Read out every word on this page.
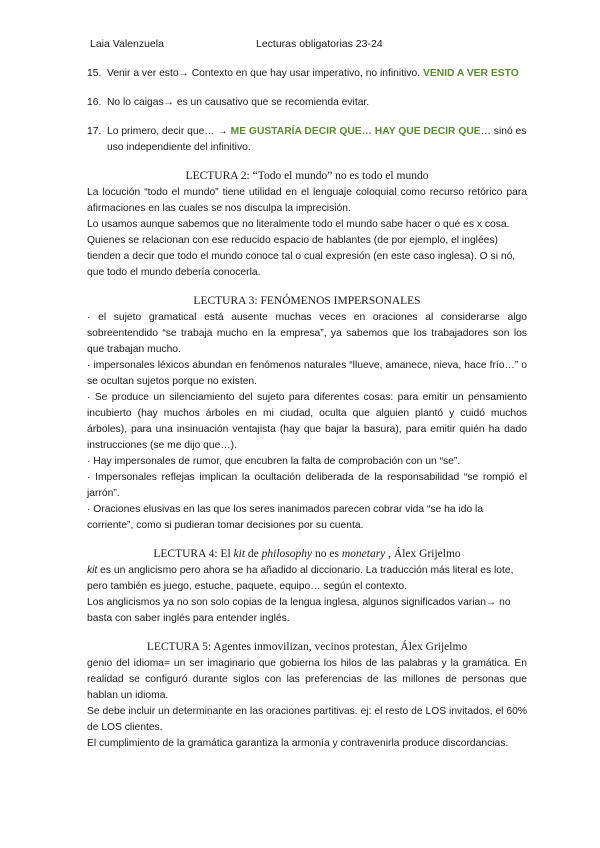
Laia Valenzuela	Lecturas obligatorias 23-24
15. Venir a ver esto→ Contexto en que hay usar imperativo, no infinitivo. VENID A VER ESTO
16. No lo caigas→ es un causativo que se recomienda evitar.
17. Lo primero, decir que… → ME GUSTARÍA DECIR QUE… HAY QUE DECIR QUE… sinó es uso independiente del infinitivo.
LECTURA 2: “Todo el mundo” no es todo el mundo

La locución “todo el mundo” tiene utilidad en el lenguaje coloquial como recurso retórico para afirmaciones en las cuales se nos disculpa la imprecisión.

Lo usamos aunque sabemos que no literalmente todo el mundo sabe hacer o qué es x cosa. Quienes se relacionan con ese reducido espacio de hablantes (de por ejemplo, el inglées) tienden a decir que todo el mundo conoce tal o cual expresión (en este caso inglesa). O si nó, que todo el mundo debería conocerla.

LECTURA 3: FENÓMENOS IMPERSONALES

· el sujeto gramatical está ausente muchas veces en oraciones al considerarse algo sobreentendido “se trabaja mucho en la empresa”, ya sabemos que los trabajadores son los que trabajan mucho.

· impersonales léxicos abundan en fenómenos naturales “llueve, amanece, nieva, hace frío…” o se ocultan sujetos porque no existen.

· Se produce un silenciamiento del sujeto para diferentes cosas: para emitir un pensamiento incubierto (hay muchos árboles en mi ciudad, oculta que alguien plantó y cuidó muchos árboles), para una insinuación ventajista (hay que bajar la basura), para emitir quién ha dado instrucciones (se me dijo que…).

· Hay impersonales de rumor, que encubren la falta de comprobación con un “se”.

· Impersonales reflejas implican la ocultación deliberada de la responsabilidad “se rompió el jarrón”.

· Oraciones elusivas en las que los seres inanimados parecen cobrar vida “se ha ido la corriente”, como si pudieran tomar decisiones por su cuenta.

LECTURA 4: El kit de philosophy no es monetary , Álex Grijelmo

kit es un anglicismo pero ahora se ha añadido al diccionario. La traducción más literal es lote, pero también es juego, estuche, paquete, equipo… según el contexto.

Los anglicismos ya no son solo copias de la lengua inglesa, algunos significados varian→ no basta con saber inglés para entender inglés.

LECTURA 5: Agentes inmovilizan, vecinos protestan, Álex Grijelmo

genio del idioma= un ser imaginario que gobierna los hilos de las palabras y la gramática. En realidad se configuró durante siglos con las preferencias de las millones de personas que hablan un idioma.

Se debe incluir un determinante en las oraciones partitivas. ej: el resto de LOS invitados, el 60% de LOS clientes.

El cumplimiento de la gramática garantiza la armonía y contravenirla produce discordancias.
